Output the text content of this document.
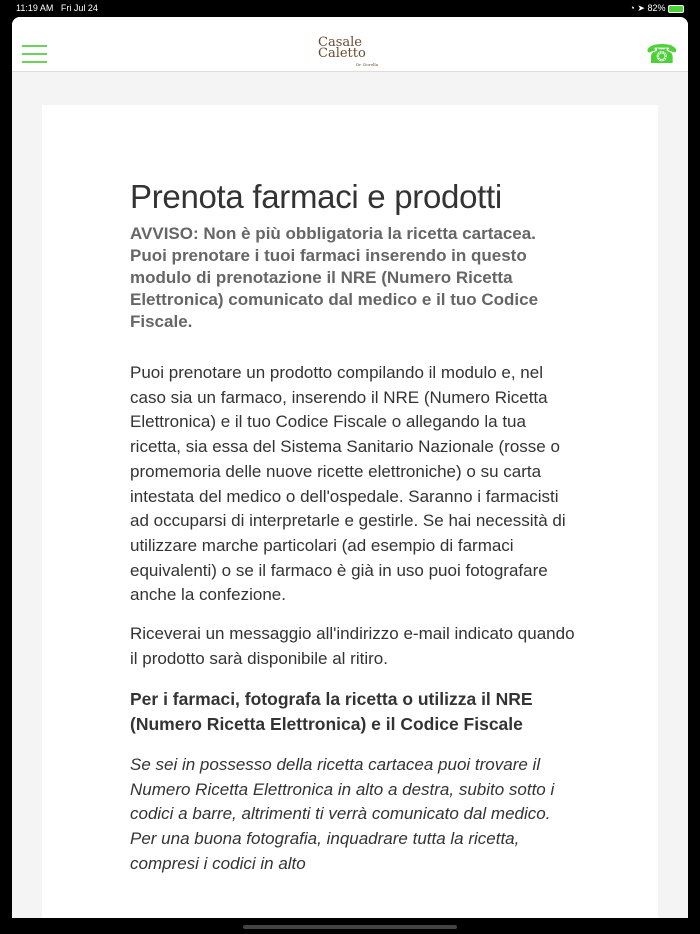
11:19 AM Fri Jul 24	◔ ➤ 82%
Casale Caletto
Dr. Dorella	☎
Prenota farmaci e prodotti
AVVISO: Non è più obbligatoria la ricetta cartacea. Puoi prenotare i tuoi farmaci inserendo in questo modulo di prenotazione il NRE (Numero Ricetta Elettronica) comunicato dal medico e il tuo Codice Fiscale.

Puoi prenotare un prodotto compilando il modulo e, nel caso sia un farmaco, inserendo il NRE (Numero Ricetta Elettronica) e il tuo Codice Fiscale o allegando la tua ricetta, sia essa del Sistema Sanitario Nazionale (rosse o promemoria delle nuove ricette elettroniche) o su carta intestata del medico o dell'ospedale. Saranno i farmacisti ad occuparsi di interpretarle e gestirle. Se hai necessità di utilizzare marche particolari (ad esempio di farmaci equivalenti) o se il farmaco è già in uso puoi fotografare anche la confezione.

Riceverai un messaggio all'indirizzo e-mail indicato quando il prodotto sarà disponibile al ritiro.

Per i farmaci, fotografa la ricetta o utilizza il NRE (Numero Ricetta Elettronica) e il Codice Fiscale

Se sei in possesso della ricetta cartacea puoi trovare il Numero Ricetta Elettronica in alto a destra, subito sotto i codici a barre, altrimenti ti verrà comunicato dal medico.
Per una buona fotografia, inquadrare tutta la ricetta, compresi i codici in alto
